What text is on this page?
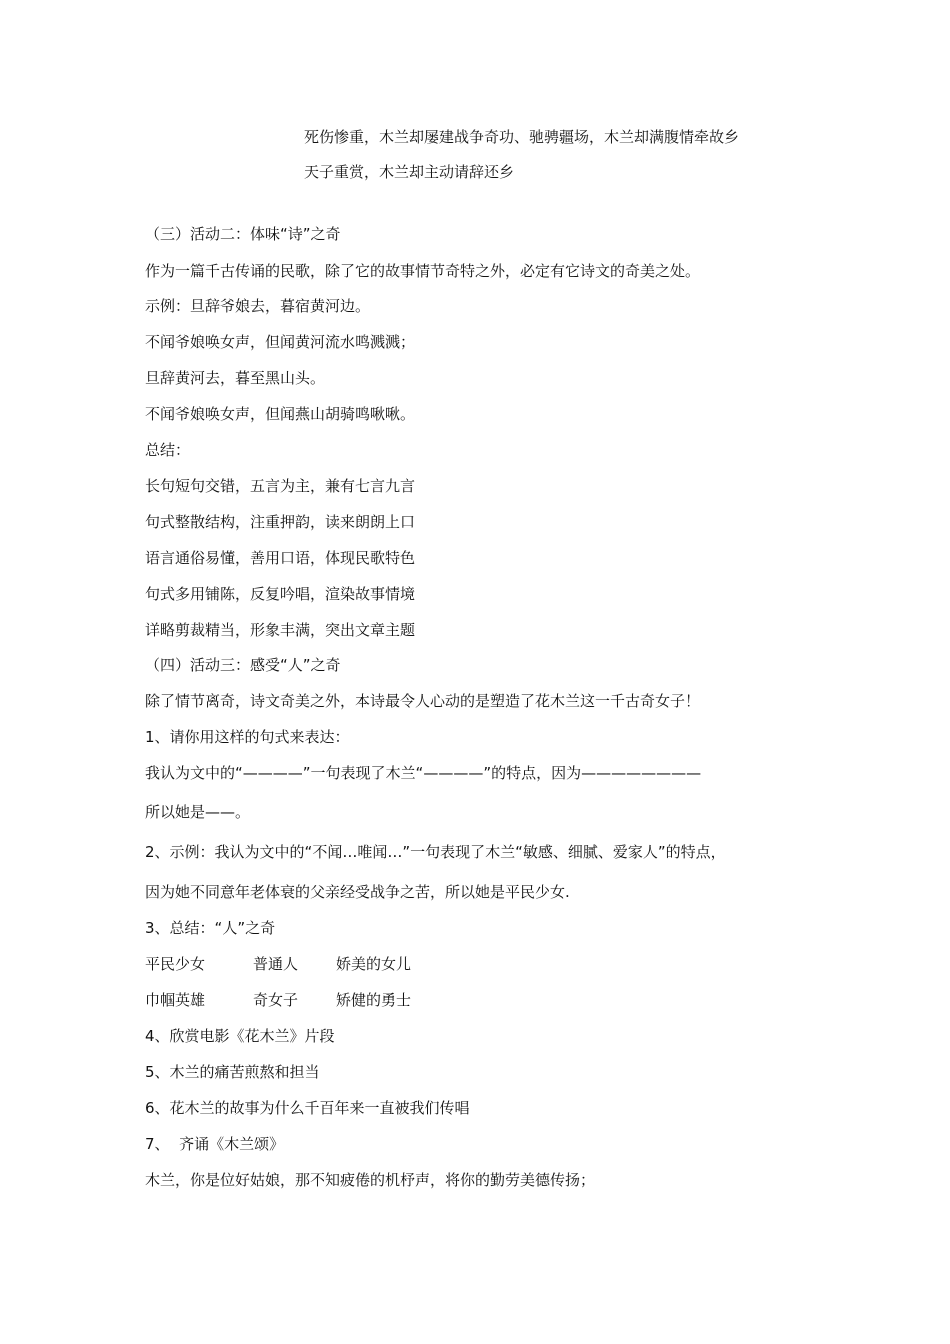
死伤惨重，木兰却屡建战争奇功、驰骋疆场，木兰却满腹情牵故乡
天子重赏，木兰却主动请辞还乡
（三）活动二：体味“诗”之奇
作为一篇千古传诵的民歌，除了它的故事情节奇特之外，必定有它诗文的奇美之处。
示例：旦辞爷娘去，暮宿黄河边。
不闻爷娘唤女声，但闻黄河流水鸣溅溅；
旦辞黄河去，暮至黑山头。
不闻爷娘唤女声，但闻燕山胡骑鸣啾啾。
总结：
长句短句交错，五言为主，兼有七言九言
句式整散结构，注重押韵，读来朗朗上口
语言通俗易懂，善用口语，体现民歌特色
句式多用铺陈，反复吟唱，渲染故事情境
详略剪裁精当，形象丰满，突出文章主题
（四）活动三：感受“人”之奇
除了情节离奇，诗文奇美之外，本诗最令人心动的是塑造了花木兰这一千古奇女子！
1、请你用这样的句式来表达：
我认为文中的“————”一句表现了木兰“————”的特点，因为————————
所以她是——。
2、示例：我认为文中的“不闻…唯闻…”一句表现了木兰“敏感、细腻、爱家人”的特点，
因为她不同意年老体衰的父亲经受战争之苦，所以她是平民少女.
3、总结：“人”之奇
平民少女	普通人	娇美的女儿
巾帼英雄	奇女子	矫健的勇士
4、欣赏电影《花木兰》片段
5、木兰的痛苦煎熬和担当
6、花木兰的故事为什么千百年来一直被我们传唱
7、  齐诵《木兰颂》
木兰，你是位好姑娘，那不知疲倦的机杼声，将你的勤劳美德传扬；
